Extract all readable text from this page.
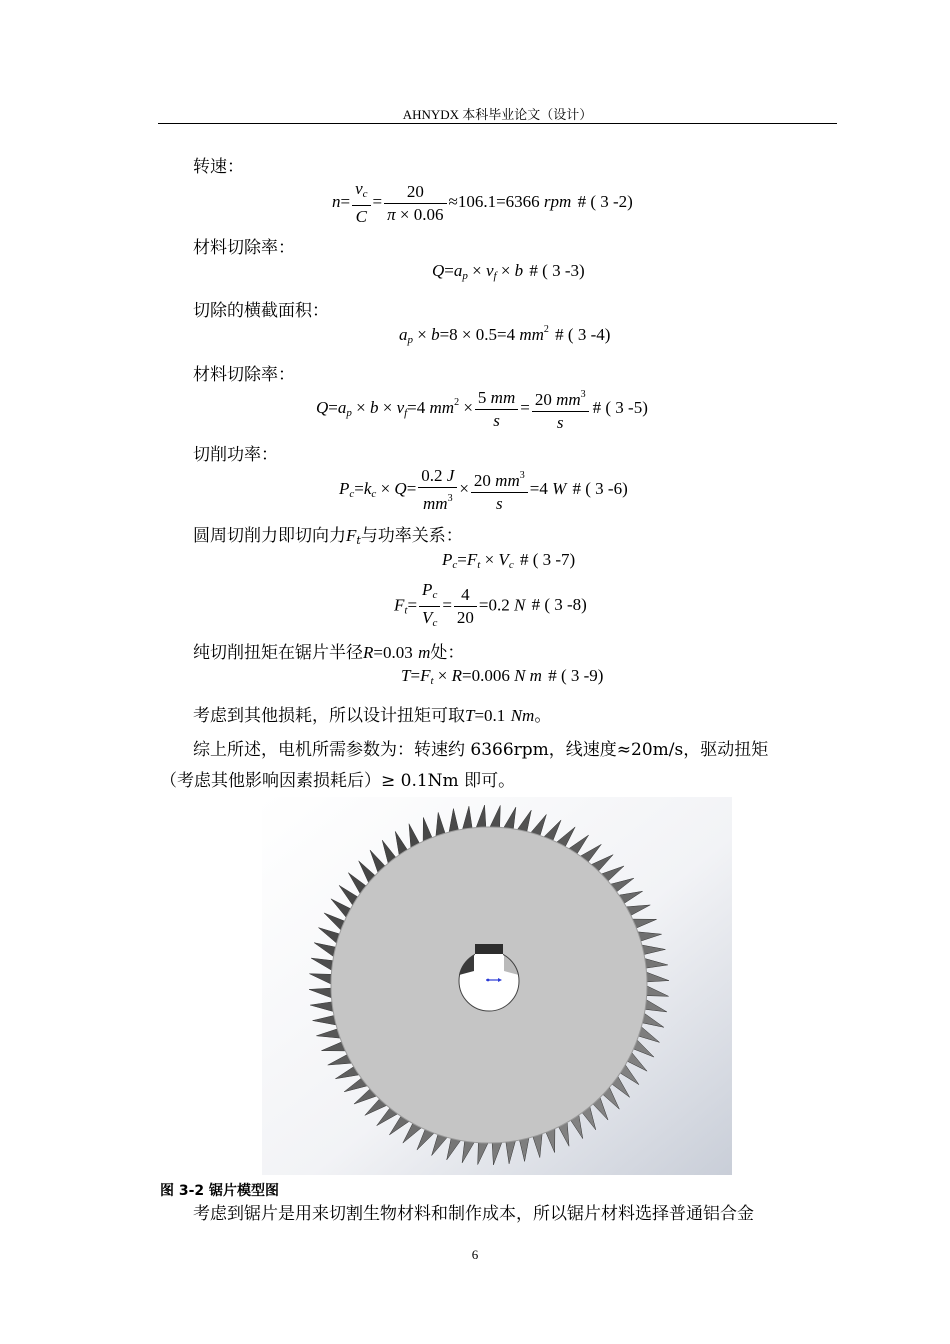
AHNYDX 本科毕业论文（设计）
转速：
$n= \frac{v_c}{C} = \frac{20}{\pi \times 0.06} \approx 106.1=6366$ rpm # ( 3 -2)
材料切除率：
$Q=a_p \times v_f \times b$ # ( 3 -3)
切除的横截面积：
$a_p \times b=8 \times 0.5=4$ $mm^2$ # ( 3 -4)
材料切除率：
$Q=a_p \times b \times v_f=4$ $mm^2 \times \frac{5 mm}{s} = \frac{20 mm^3}{s}$ # ( 3 -5)
切削功率：
$P_c=k_c \times Q= \frac{0.2 J}{mm^3} \times \frac{20 mm^3}{s} =4$ W # ( 3 -6)
圆周切削力即切向力$F_t$与功率关系：
$P_c=F_t \times V_c$ # ( 3 -7)
$F_t= \frac{P_c}{V_c} = \frac{4}{20} =0.2$ N # ( 3 -8)
纯切削扭矩在锯片半径R=0.03 m处：
$T=F_t \times R=0.006$ N m # ( 3 -9)
考虑到其他损耗，所以设计扭矩可取T=0.1 Nm。
综上所述，电机所需参数为：转速约 6366rpm，线速度≈20m/s，驱动扭矩
（考虑其他影响因素损耗后）≥ 0.1Nm 即可。
图 3-2 锯片模型图
考虑到锯片是用来切割生物材料和制作成本，所以锯片材料选择普通铝合金
6
